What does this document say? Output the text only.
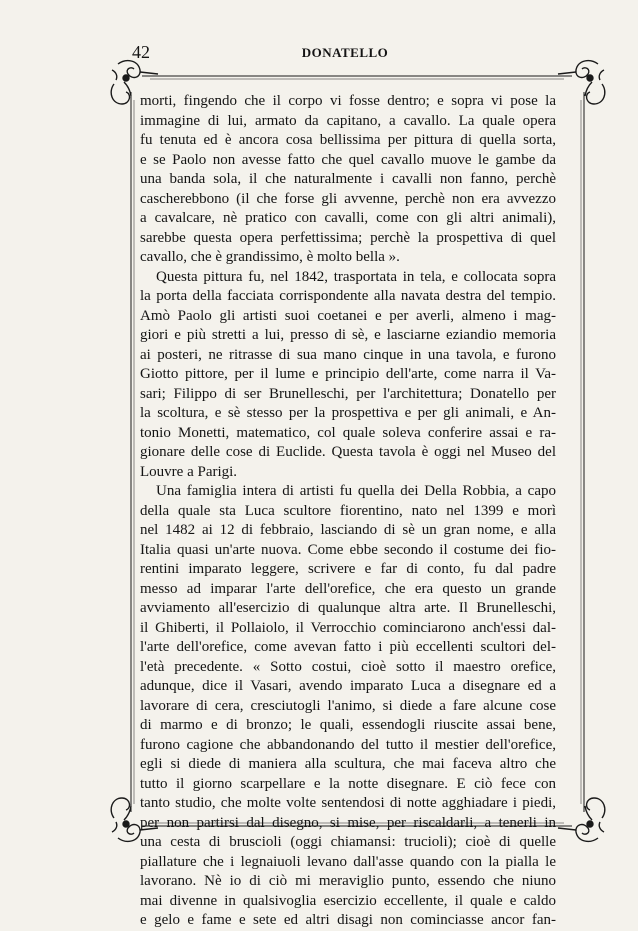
42	DONATELLO
morti, fingendo che il corpo vi fosse dentro; e sopra vi pose la
immagine di lui, armato da capitano, a cavallo. La quale opera
fu tenuta ed è ancora cosa bellissima per pittura di quella sorta,
e se Paolo non avesse fatto che quel cavallo muove le gambe da
una banda sola, il che naturalmente i cavalli non fanno, perchè
cascherebbono (il che forse gli avvenne, perchè non era avvezzo
a cavalcare, nè pratico con cavalli, come con gli altri animali),
sarebbe questa opera perfettissima; perchè la prospettiva di quel
cavallo, che è grandissimo, è molto bella ».
Questa pittura fu, nel 1842, trasportata in tela, e collocata sopra
la porta della facciata corrispondente alla navata destra del tempio.
Amò Paolo gli artisti suoi coetanei e per averli, almeno i mag-
giori e più stretti a lui, presso di sè, e lasciarne eziandio memoria
ai posteri, ne ritrasse di sua mano cinque in una tavola, e furono
Giotto pittore, per il lume e principio dell'arte, come narra il Va-
sari; Filippo di ser Brunelleschi, per l'architettura; Donatello per
la scoltura, e sè stesso per la prospettiva e per gli animali, e An-
tonio Monetti, matematico, col quale soleva conferire assai e ra-
gionare delle cose di Euclide. Questa tavola è oggi nel Museo del
Louvre a Parigi.
Una famiglia intera di artisti fu quella dei Della Robbia, a capo
della quale sta Luca scultore fiorentino, nato nel 1399 e morì
nel 1482 ai 12 di febbraio, lasciando di sè un gran nome, e alla
Italia quasi un'arte nuova. Come ebbe secondo il costume dei fio-
rentini imparato leggere, scrivere e far di conto, fu dal padre
messo ad imparar l'arte dell'orefice, che era questo un grande
avviamento all'esercizio di qualunque altra arte. Il Brunelleschi,
il Ghiberti, il Pollaiolo, il Verrocchio cominciarono anch'essi dal-
l'arte dell'orefice, come avevan fatto i più eccellenti scultori del-
l'età precedente. « Sotto costui, cioè sotto il maestro orefice,
adunque, dice il Vasari, avendo imparato Luca a disegnare ed a
lavorare di cera, cresciutogli l'animo, si diede a fare alcune cose
di marmo e di bronzo; le quali, essendogli riuscite assai bene,
furono cagione che abbandonando del tutto il mestier dell'orefice,
egli si diede di maniera alla scultura, che mai faceva altro che
tutto il giorno scarpellare e la notte disegnare. E ciò fece con
tanto studio, che molte volte sentendosi di notte agghiadare i piedi,
per non partirsi dal disegno, si mise, per riscaldarli, a tenerli in
una cesta di bruscioli (oggi chiamansi: trucioli); cioè di quelle
piallature che i legnaiuoli levano dall'asse quando con la pialla le
lavorano. Nè io di ciò mi meraviglio punto, essendo che niuno
mai divenne in qualsivoglia esercizio eccellente, il quale e caldo
e gelo e fame e sete ed altri disagi non cominciasse ancor fan-
